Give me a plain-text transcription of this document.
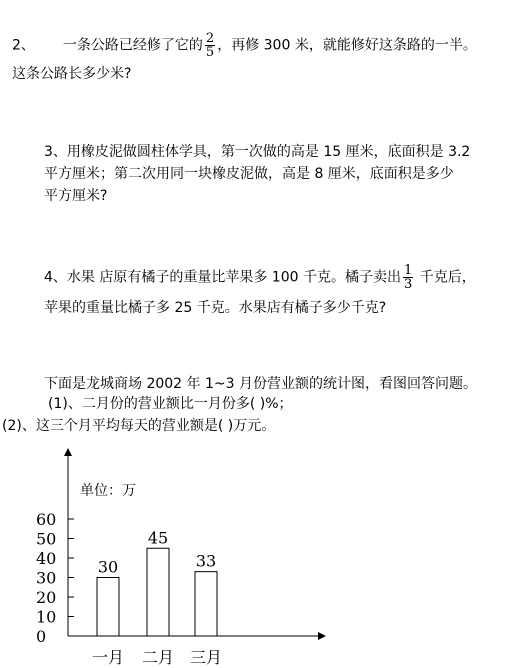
2、 一条公路已经修了它的 $\frac{2}{5}$ ，再修 300 米，就能修好这条路的一半。
这条公路长多少米?
3、用橡皮泥做圆柱体学具，第一次做的高是 15 厘米，底面积是 3.2
平方厘米；第二次用同一块橡皮泥做，高是 8 厘米，底面积是多少
平方厘米?
4、水果 店原有橘子的重量比苹果多 100 千克。橘子卖出 $\frac{1}{3}$ 千克后，
苹果的重量比橘子多 25 千克。水果店有橘子多少千克?
下面是龙城商场 2002 年 1~3 月份营业额的统计图，看图回答问题。
(1)、二月份的营业额比一月份多( )%；
(2)、这三个月平均每天的营业额是( )万元。
单位：万
0
10
20
30
40
50
60
30
一月
45
二月
33
三月
